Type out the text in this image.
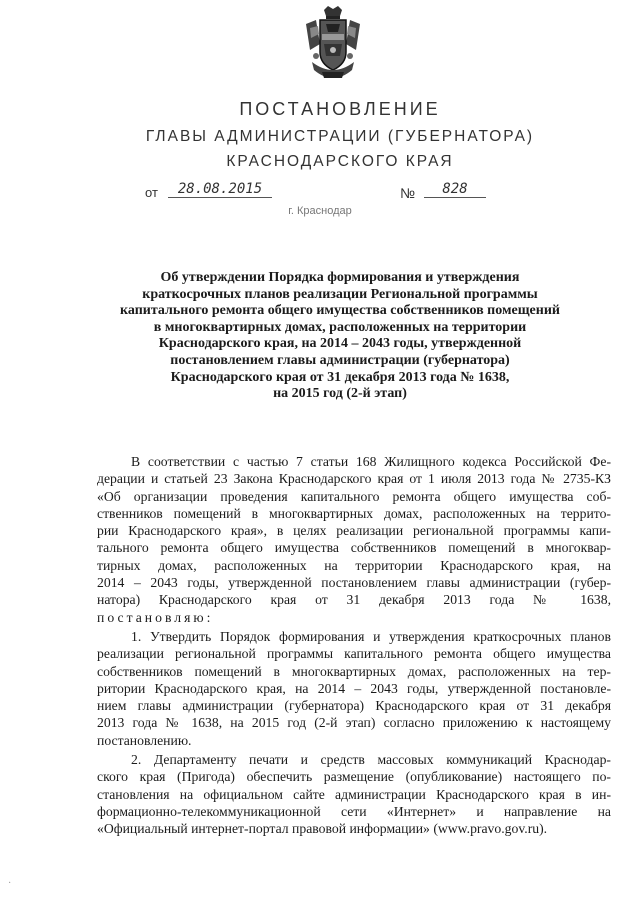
ПОСТАНОВЛЕНИЕ
ГЛАВЫ АДМИНИСТРАЦИИ (ГУБЕРНАТОРА)
КРАСНОДАРСКОГО КРАЯ
от	28.08.2015	№	828
г. Краснодар
Об утверждении Порядка формирования и утверждения
краткосрочных планов реализации Региональной программы
капитального ремонта общего имущества собственников помещений
в многоквартирных домах, расположенных на территории
Краснодарского края, на 2014 – 2043 годы, утвержденной
постановлением главы администрации (губернатора)
Краснодарского края от 31 декабря 2013 года № 1638,
на 2015 год (2-й этап)
В соответствии с частью 7 статьи 168 Жилищного кодекса Российской Фе-
дерации и статьей 23 Закона Краснодарского края от 1 июля 2013 года № 2735-КЗ
«Об организации проведения капитального ремонта общего имущества соб-
ственников помещений в многоквартирных домах, расположенных на террито-
рии Краснодарского края», в целях реализации региональной программы капи-
тального ремонта общего имущества собственников помещений в многоквар-
тирных домах, расположенных на территории Краснодарского края, на
2014 – 2043 годы, утвержденной постановлением главы администрации (губер-
натора) Краснодарского края от 31 декабря 2013 года № 1638,
постановляю:
1. Утвердить Порядок формирования и утверждения краткосрочных планов
реализации региональной программы капитального ремонта общего имущества
собственников помещений в многоквартирных домах, расположенных на тер-
ритории Краснодарского края, на 2014 – 2043 годы, утвержденной постановле-
нием главы администрации (губернатора) Краснодарского края от 31 декабря
2013 года № 1638, на 2015 год (2-й этап) согласно приложению к настоящему
постановлению.
2. Департаменту печати и средств массовых коммуникаций Краснодар-
ского края (Пригода) обеспечить размещение (опубликование) настоящего по-
становления на официальном сайте администрации Краснодарского края в ин-
формационно-телекоммуникационной сети «Интернет» и направление на
«Официальный интернет-портал правовой информации» (www.pravo.gov.ru).
·
